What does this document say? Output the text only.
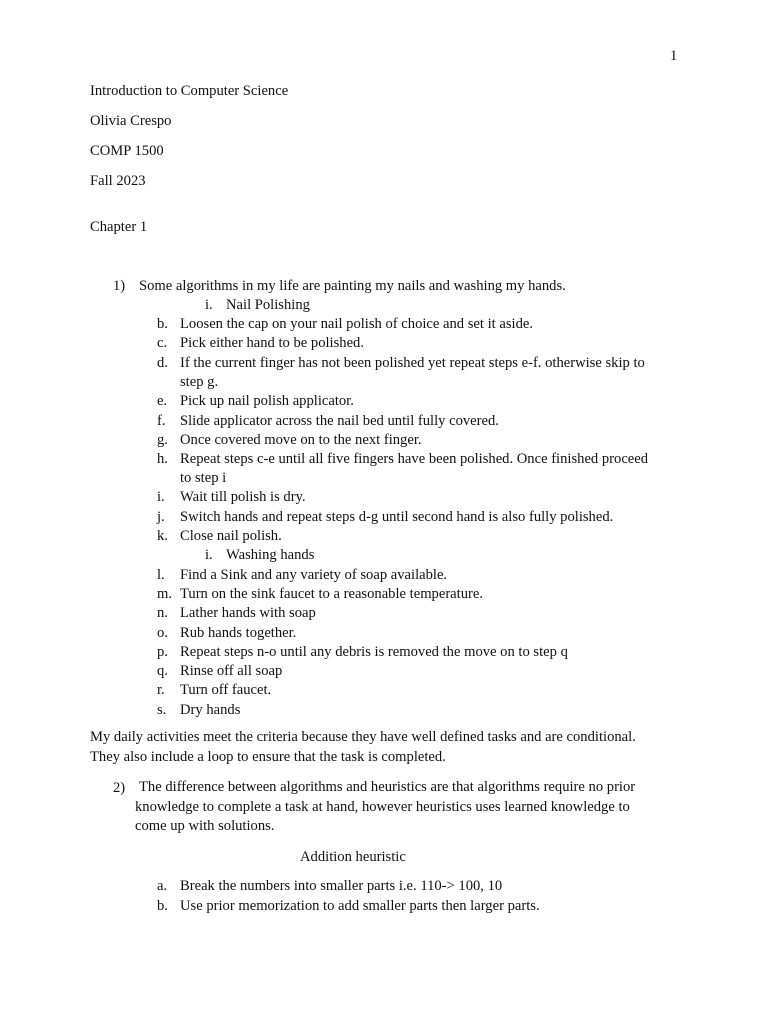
1
Introduction to Computer Science
Olivia Crespo
COMP 1500
Fall 2023
Chapter 1
1) Some algorithms in my life are painting my nails and washing my hands.
i. Nail Polishing
b. Loosen the cap on your nail polish of choice and set it aside.
c. Pick either hand to be polished.
d. If the current finger has not been polished yet repeat steps e-f. otherwise skip to
step g.
e. Pick up nail polish applicator.
f. Slide applicator across the nail bed until fully covered.
g. Once covered move on to the next finger.
h. Repeat steps c-e until all five fingers have been polished. Once finished proceed
to step i
i. Wait till polish is dry.
j. Switch hands and repeat steps d-g until second hand is also fully polished.
k. Close nail polish.
i. Washing hands
l. Find a Sink and any variety of soap available.
m. Turn on the sink faucet to a reasonable temperature.
n. Lather hands with soap
o. Rub hands together.
p. Repeat steps n-o until any debris is removed the move on to step q
q. Rinse off all soap
r. Turn off faucet.
s. Dry hands
My daily activities meet the criteria because they have well defined tasks and are conditional. They also include a loop to ensure that the task is completed.
2) The difference between algorithms and heuristics are that algorithms require no prior knowledge to complete a task at hand, however heuristics uses learned knowledge to come up with solutions.
Addition heuristic
a. Break the numbers into smaller parts i.e. 110-> 100, 10
b. Use prior memorization to add smaller parts then larger parts.
